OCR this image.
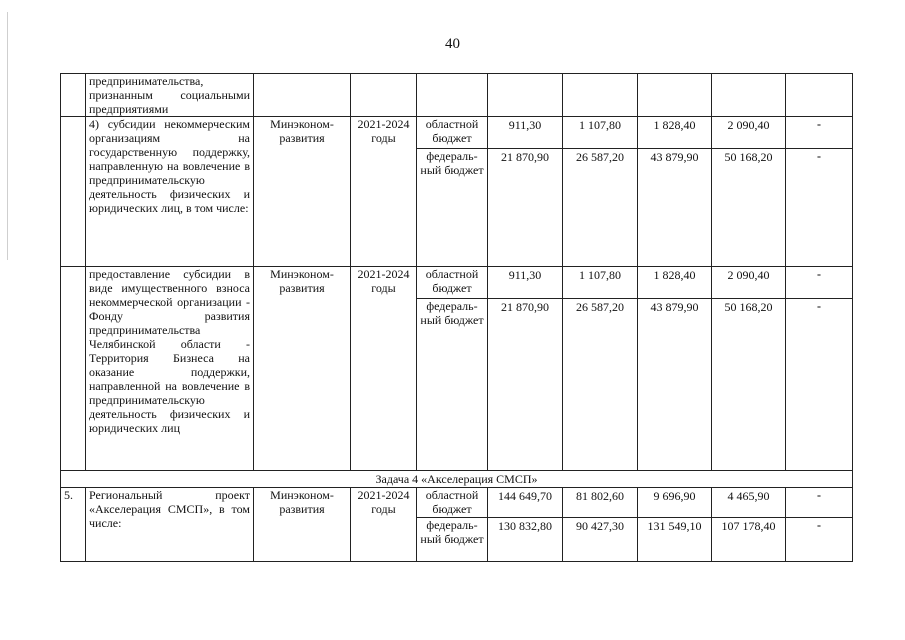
40
	предпринимательства, признанным социальными предприятиями								
	4) субсидии некоммерческим организациям на государственную поддержку, направленную на вовлечение в предпринимательскую деятельность физических и юридических лиц, в том числе:	Минэконом-развития	2021-2024 годы	областной бюджет	911,30	1 107,80	1 828,40	2 090,40	-
				федераль-ный бюджет	21 870,90	26 587,20	43 879,90	50 168,20	-
	предоставление субсидии в виде имущественного взноса некоммерческой организации - Фонду развития предпринимательства Челябинской области - Территория Бизнеса на оказание поддержки, направленной на вовлечение в предпринимательскую деятельность физических и юридических лиц	Минэконом-развития	2021-2024 годы	областной бюджет	911,30	1 107,80	1 828,40	2 090,40	-
				федераль-ный бюджет	21 870,90	26 587,20	43 879,90	50 168,20	-
Задача 4 «Акселерация СМСП»									
5.	Региональный проект «Акселерация СМСП», в том числе:	Минэконом-развития	2021-2024 годы	областной бюджет	144 649,70	81 802,60	9 696,90	4 465,90	-
				федераль-ный бюджет	130 832,80	90 427,30	131 549,10	107 178,40	-
